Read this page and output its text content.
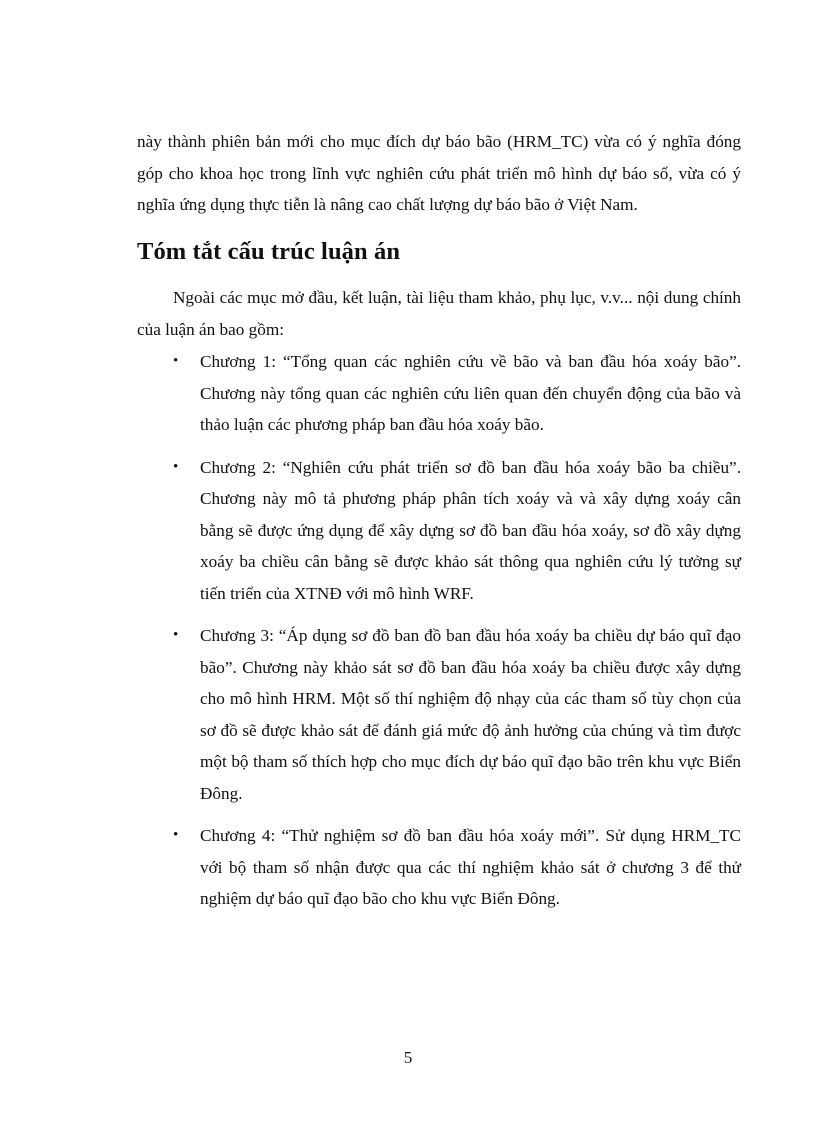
này thành phiên bản mới cho mục đích dự báo bão (HRM_TC) vừa có ý nghĩa đóng góp cho khoa học trong lĩnh vực nghiên cứu phát triển mô hình dự báo số, vừa có ý nghĩa ứng dụng thực tiễn là nâng cao chất lượng dự báo bão ở Việt Nam.

Tóm tắt cấu trúc luận án

Ngoài các mục mở đầu, kết luận, tài liệu tham khảo, phụ lục, v.v... nội dung chính của luận án bao gồm:

• Chương 1: “Tổng quan các nghiên cứu về bão và ban đầu hóa xoáy bão”. Chương này tổng quan các nghiên cứu liên quan đến chuyển động của bão và thảo luận các phương pháp ban đầu hóa xoáy bão.
• Chương 2: “Nghiên cứu phát triển sơ đồ ban đầu hóa xoáy bão ba chiều”. Chương này mô tả phương pháp phân tích xoáy và và xây dựng xoáy cân bằng sẽ được ứng dụng để xây dựng sơ đồ ban đầu hóa xoáy, sơ đồ xây dựng xoáy ba chiều cân bằng sẽ được khảo sát thông qua nghiên cứu lý tưởng sự tiến triển của XTNĐ với mô hình WRF.
• Chương 3: “Áp dụng sơ đồ ban đồ ban đầu hóa xoáy ba chiều dự báo quĩ đạo bão”. Chương này khảo sát sơ đồ ban đầu hóa xoáy ba chiều được xây dựng cho mô hình HRM. Một số thí nghiệm độ nhạy của các tham số tùy chọn của sơ đồ sẽ được khảo sát để đánh giá mức độ ảnh hưởng của chúng và tìm được một bộ tham số thích hợp cho mục đích dự báo quĩ đạo bão trên khu vực Biển Đông.
• Chương 4: “Thử nghiệm sơ đồ ban đầu hóa xoáy mới”. Sử dụng HRM_TC với bộ tham số nhận được qua các thí nghiệm khảo sát ở chương 3 để thử nghiệm dự báo quĩ đạo bão cho khu vực Biển Đông.

5
